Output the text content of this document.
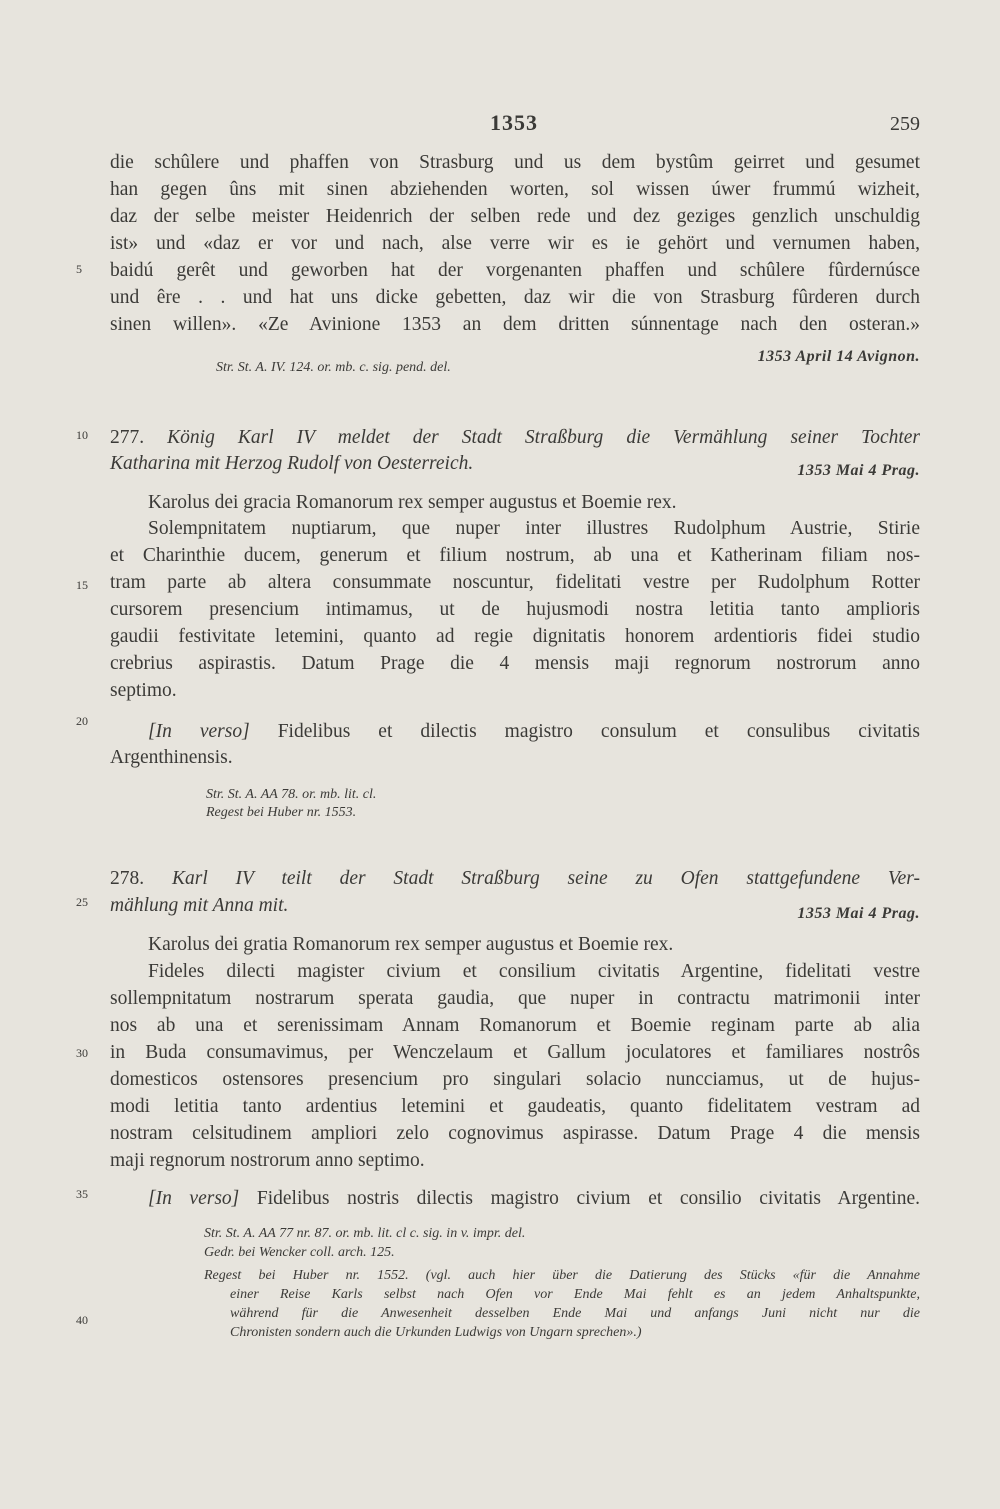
1353	259
5
10
15
20
25
30
35
40
die schûlere und phaffen von Strasburg und us dem bystûm geirret und gesumet
han gegen ûns mit sinen abziehenden worten, sol wissen úwer frummú wizheit,
daz der selbe meister Heidenrich der selben rede und dez geziges genzlich unschuldig
ist» und «daz er vor und nach, alse verre wir es ie gehört und vernumen haben,
baidú gerêt und geworben hat der vorgenanten phaffen und schûlere fûrdernúsce
und êre . . und hat uns dicke gebetten, daz wir die von Strasburg fûrderen durch
sinen willen». «Ze Avinione 1353 an dem dritten súnnentage nach den osteran.»
Str. St. A. IV. 124. or. mb. c. sig. pend. del.
1353 April 14 Avignon.
277. König Karl IV meldet der Stadt Straßburg die Vermählung seiner Tochter
Katharina mit Herzog Rudolf von Oesterreich.	1353 Mai 4 Prag.
Karolus dei gracia Romanorum rex semper augustus et Boemie rex.
Solempnitatem nuptiarum, que nuper inter illustres Rudolphum Austrie, Stirie
et Charinthie ducem, generum et filium nostrum, ab una et Katherinam filiam nos-
tram parte ab altera consummate noscuntur, fidelitati vestre per Rudolphum Rotter
cursorem presencium intimamus, ut de hujusmodi nostra letitia tanto amplioris
gaudii festivitate letemini, quanto ad regie dignitatis honorem ardentioris fidei studio
crebrius aspirastis. Datum Prage die 4 mensis maji regnorum nostrorum anno
septimo.
[In verso] Fidelibus et dilectis magistro consulum et consulibus civitatis
Argenthinensis.
Str. St. A. AA 78. or. mb. lit. cl.
Regest bei Huber nr. 1553.
278. Karl IV teilt der Stadt Straßburg seine zu Ofen stattgefundene Ver-
mählung mit Anna mit.	1353 Mai 4 Prag.
Karolus dei gratia Romanorum rex semper augustus et Boemie rex.
Fideles dilecti magister civium et consilium civitatis Argentine, fidelitati vestre
sollempnitatum nostrarum sperata gaudia, que nuper in contractu matrimonii inter
nos ab una et serenissimam Annam Romanorum et Boemie reginam parte ab alia
in Buda consumavimus, per Wenczelaum et Gallum joculatores et familiares nostrôs
domesticos ostensores presencium pro singulari solacio nuncciamus, ut de hujus-
modi letitia tanto ardentius letemini et gaudeatis, quanto fidelitatem vestram ad
nostram celsitudinem ampliori zelo cognovimus aspirasse. Datum Prage 4 die mensis
maji regnorum nostrorum anno septimo.
[In verso] Fidelibus nostris dilectis magistro civium et consilio civitatis Argentine.
Str. St. A. AA 77 nr. 87. or. mb. lit. cl c. sig. in v. impr. del.
Gedr. bei Wencker coll. arch. 125.
Regest bei Huber nr. 1552. (vgl. auch hier über die Datierung des Stücks «für die Annahme
einer Reise Karls selbst nach Ofen vor Ende Mai fehlt es an jedem Anhaltspunkte,
während für die Anwesenheit desselben Ende Mai und anfangs Juni nicht nur die
Chronisten sondern auch die Urkunden Ludwigs von Ungarn sprechen».)
